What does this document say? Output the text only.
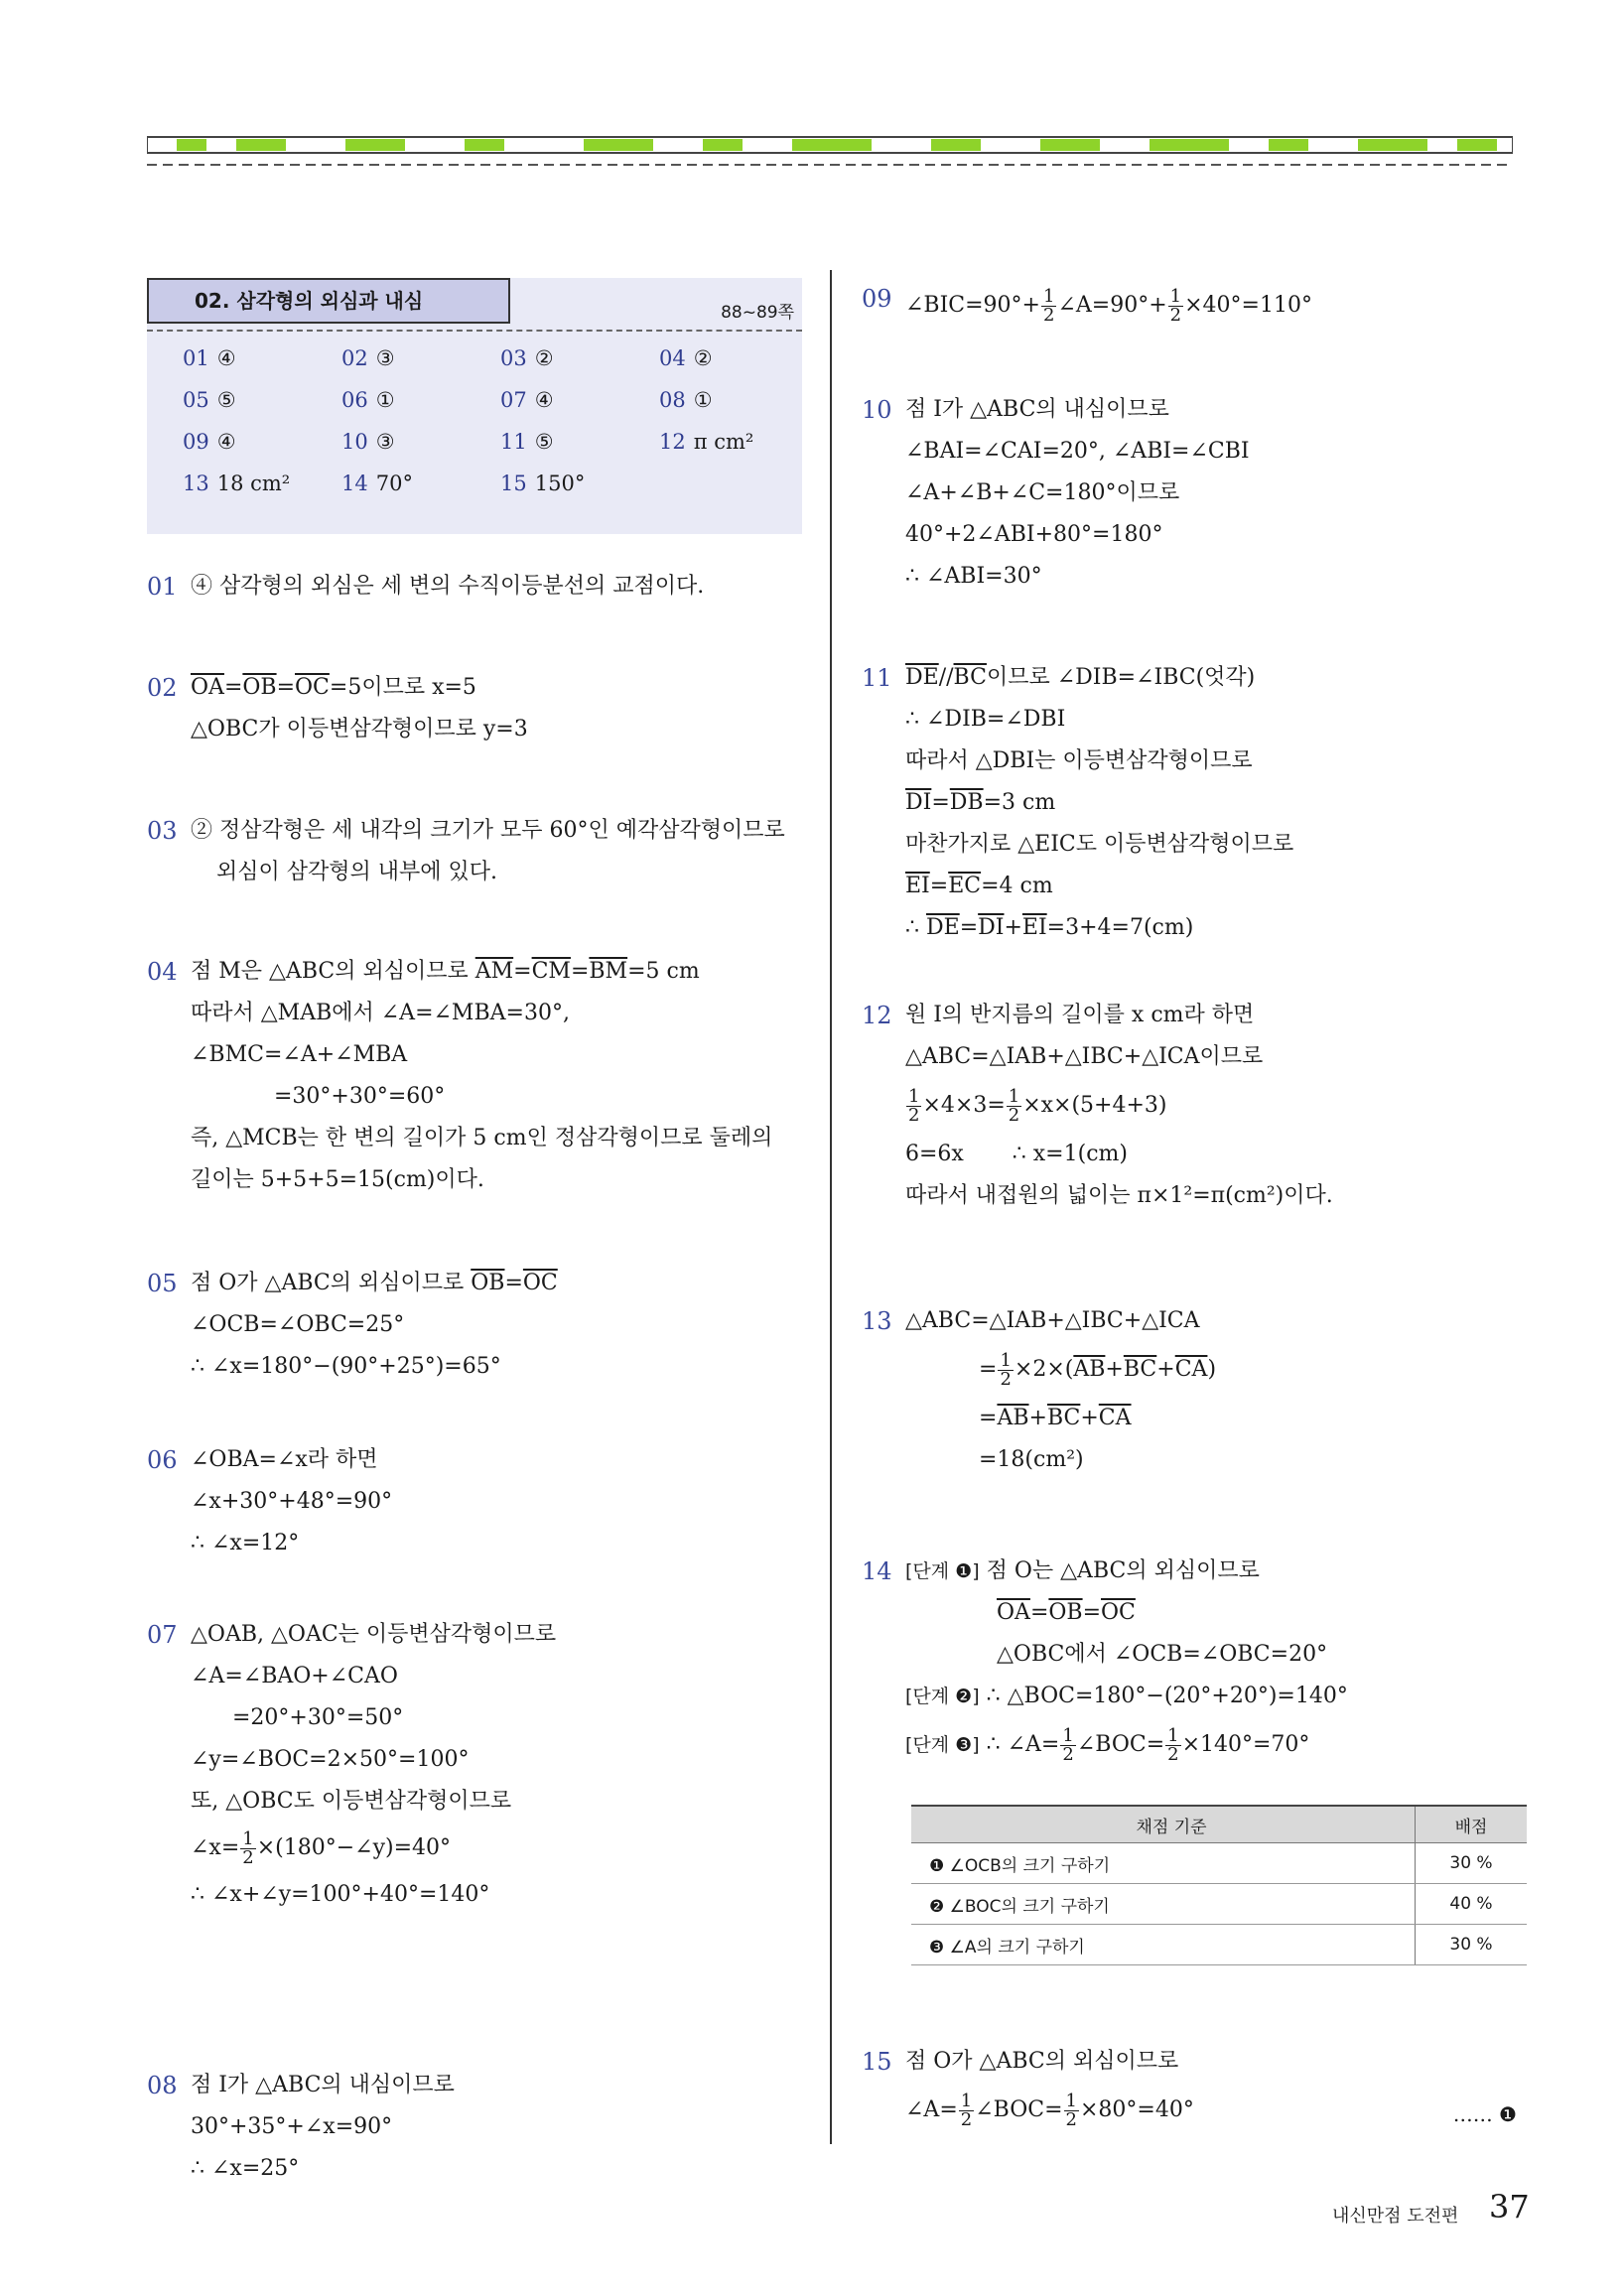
02. 삼각형의 외심과 내심	88~89쪽
01 ④	02 ③	03 ②	04 ②
05 ⑤	06 ①	07 ④	08 ①
09 ④	10 ③	11 ⑤	12 π cm²
13 18 cm²	14 70°	15 150°
01 ④ 삼각형의 외심은 세 변의 수직이등분선의 교점이다.
02 $\overline{OA}=\overline{OB}=\overline{OC}=5$이므로 x=5
△OBC가 이등변삼각형이므로 y=3
03 ② 정삼각형은 세 내각의 크기가 모두 60°인 예각삼각형이므로
외심이 삼각형의 내부에 있다.
04 점 M은 △ABC의 외심이므로 $\overline{AM}=\overline{CM}=\overline{BM}=5$ cm
따라서 △MAB에서 ∠A=∠MBA=30°,
∠BMC=∠A+∠MBA
=30°+30°=60°
즉, △MCB는 한 변의 길이가 5 cm인 정삼각형이므로 둘레의
길이는 5+5+5=15(cm)이다.
05 점 O가 △ABC의 외심이므로 $\overline{OB}=\overline{OC}$
∠OCB=∠OBC=25°
∴ ∠x=180°−(90°+25°)=65°
06 ∠OBA=∠x라 하면
∠x+30°+48°=90°
∴ ∠x=12°
07 △OAB, △OAC는 이등변삼각형이므로
∠A=∠BAO+∠CAO
=20°+30°=50°
∠y=∠BOC=2×50°=100°
또, △OBC도 이등변삼각형이므로
∠x= $\frac{1}{2}$ ×(180°−∠y)=40°
∴ ∠x+∠y=100°+40°=140°
08 점 I가 △ABC의 내심이므로
30°+35°+∠x=90°
∴ ∠x=25°
09 ∠BIC=90°+ $\frac{1}{2}$ ∠A=90°+ $\frac{1}{2} \times 40^\circ=110^\circ$
10 점 I가 △ABC의 내심이므로
∠BAI=∠CAI=20°, ∠ABI=∠CBI
∠A+∠B+∠C=180°이므로
40°+2∠ABI+80°=180°
∴ ∠ABI=30°
11 $\overline{DE}//\overline{BC}$이므로 ∠DIB=∠IBC(엇각)
∴ ∠DIB=∠DBI
따라서 △DBI는 이등변삼각형이므로
$\overline{DI}=\overline{DB}=3$ cm
마찬가지로 △EIC도 이등변삼각형이므로
$\overline{EI}=\overline{EC}=4$ cm
∴ $\overline{DE}=\overline{DI}+\overline{EI}=3+4=7(cm)$
12 원 I의 반지름의 길이를 x cm라 하면
△ABC=△IAB+△IBC+△ICA이므로
$\frac{1}{2} \times 4\times 3= \frac{1}{2} \times x\times(5+4+3)$
6=6x       ∴ x=1(cm)
따라서 내접원의 넓이는 π×1²=π(cm²)이다.
13 △ABC=△IAB+△IBC+△ICA
= $\frac{1}{2} \times 2\times(\overline{AB}+\overline{BC}+\overline{CA})$
$=\overline{AB}+\overline{BC}+\overline{CA}$
=18(cm²)
14 [단계 ❶] 점 O는 △ABC의 외심이므로
$\overline{OA}=\overline{OB}=\overline{OC}$
△OBC에서 ∠OCB=∠OBC=20°
[단계 ❷] ∴ △BOC=180°−(20°+20°)=140°
[단계 ❸] ∴ ∠A= $\frac{1}{2}$ ∠BOC= $\frac{1}{2} \times 140^\circ=70^\circ$
15 점 O가 △ABC의 외심이므로
∠A= $\frac{1}{2}$ ∠BOC= $\frac{1}{2} \times 80^\circ=40^\circ$	…… ❶
채점 기준	배점
❶ ∠OCB의 크기 구하기	30 %
❷ ∠BOC의 크기 구하기	40 %
❸ ∠A의 크기 구하기	30 %
내신만점 도전편 37
